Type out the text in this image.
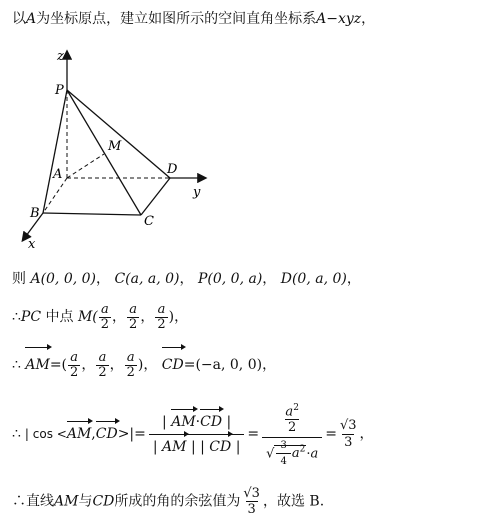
以A为坐标原点，建立如图所示的空间直角坐标系A−xyz，
z
P
M
A	D
y
B
C
x
则 A(0, 0, 0)， C(a, a, 0)， P(0, 0, a)， D(0, a, 0)，
∴PC 中点 $M( \frac{a}{2}$ ， $\frac{a}{2}$ ， $\frac{a}{2}$ )，
∴ $AM=( \frac{a}{2}$ ， $\frac{a}{2}$ ， $\frac{a}{2}$ )， CD=(−a, 0, 0)，
∴ | cos < AM , CD >|= $\frac{| AM\cdot CD |}{| AM | | CD |} = a^2$
2
√ $\frac{3}{4} a^2\cdot a = \frac{√3}{3}$ ，
∴直线AM与CD所成的角的余弦值为 $\frac{√3}{3}$ ，故选 B.
